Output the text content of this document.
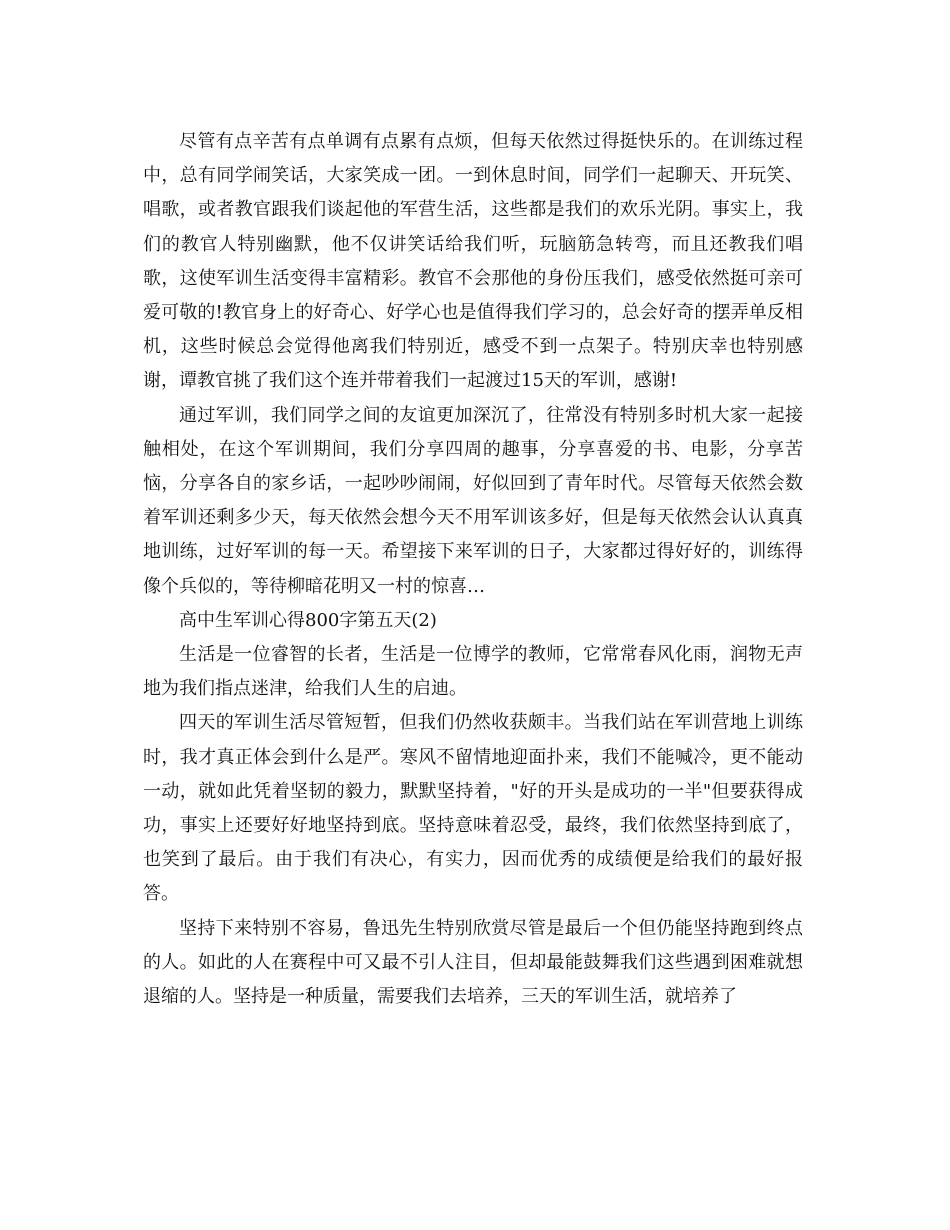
尽管有点辛苦有点单调有点累有点烦，但每天依然过得挺快乐的。在训练过程中，总有同学闹笑话，大家笑成一团。一到休息时间，同学们一起聊天、开玩笑、唱歌，或者教官跟我们谈起他的军营生活，这些都是我们的欢乐光阴。事实上，我们的教官人特别幽默，他不仅讲笑话给我们听，玩脑筋急转弯，而且还教我们唱歌，这使军训生活变得丰富精彩。教官不会那他的身份压我们，感受依然挺可亲可爱可敬的!教官身上的好奇心、好学心也是值得我们学习的，总会好奇的摆弄单反相机，这些时候总会觉得他离我们特别近，感受不到一点架子。特别庆幸也特别感谢，谭教官挑了我们这个连并带着我们一起渡过15天的军训，感谢!

通过军训，我们同学之间的友谊更加深沉了，往常没有特别多时机大家一起接触相处，在这个军训期间，我们分享四周的趣事，分享喜爱的书、电影，分享苦恼，分享各自的家乡话，一起吵吵闹闹，好似回到了青年时代。尽管每天依然会数着军训还剩多少天，每天依然会想今天不用军训该多好，但是每天依然会认认真真地训练，过好军训的每一天。希望接下来军训的日子，大家都过得好好的，训练得像个兵似的，等待柳暗花明又一村的惊喜…

高中生军训心得800字第五天(2)

生活是一位睿智的长者，生活是一位博学的教师，它常常春风化雨，润物无声地为我们指点迷津，给我们人生的启迪。

四天的军训生活尽管短暂，但我们仍然收获颇丰。当我们站在军训营地上训练时，我才真正体会到什么是严。寒风不留情地迎面扑来，我们不能喊冷，更不能动一动，就如此凭着坚韧的毅力，默默坚持着，"好的开头是成功的一半"但要获得成功，事实上还要好好地坚持到底。坚持意味着忍受，最终，我们依然坚持到底了，也笑到了最后。由于我们有决心，有实力，因而优秀的成绩便是给我们的最好报答。

坚持下来特别不容易，鲁迅先生特别欣赏尽管是最后一个但仍能坚持跑到终点的人。如此的人在赛程中可又最不引人注目，但却最能鼓舞我们这些遇到困难就想退缩的人。坚持是一种质量，需要我们去培养，三天的军训生活，就培养了
